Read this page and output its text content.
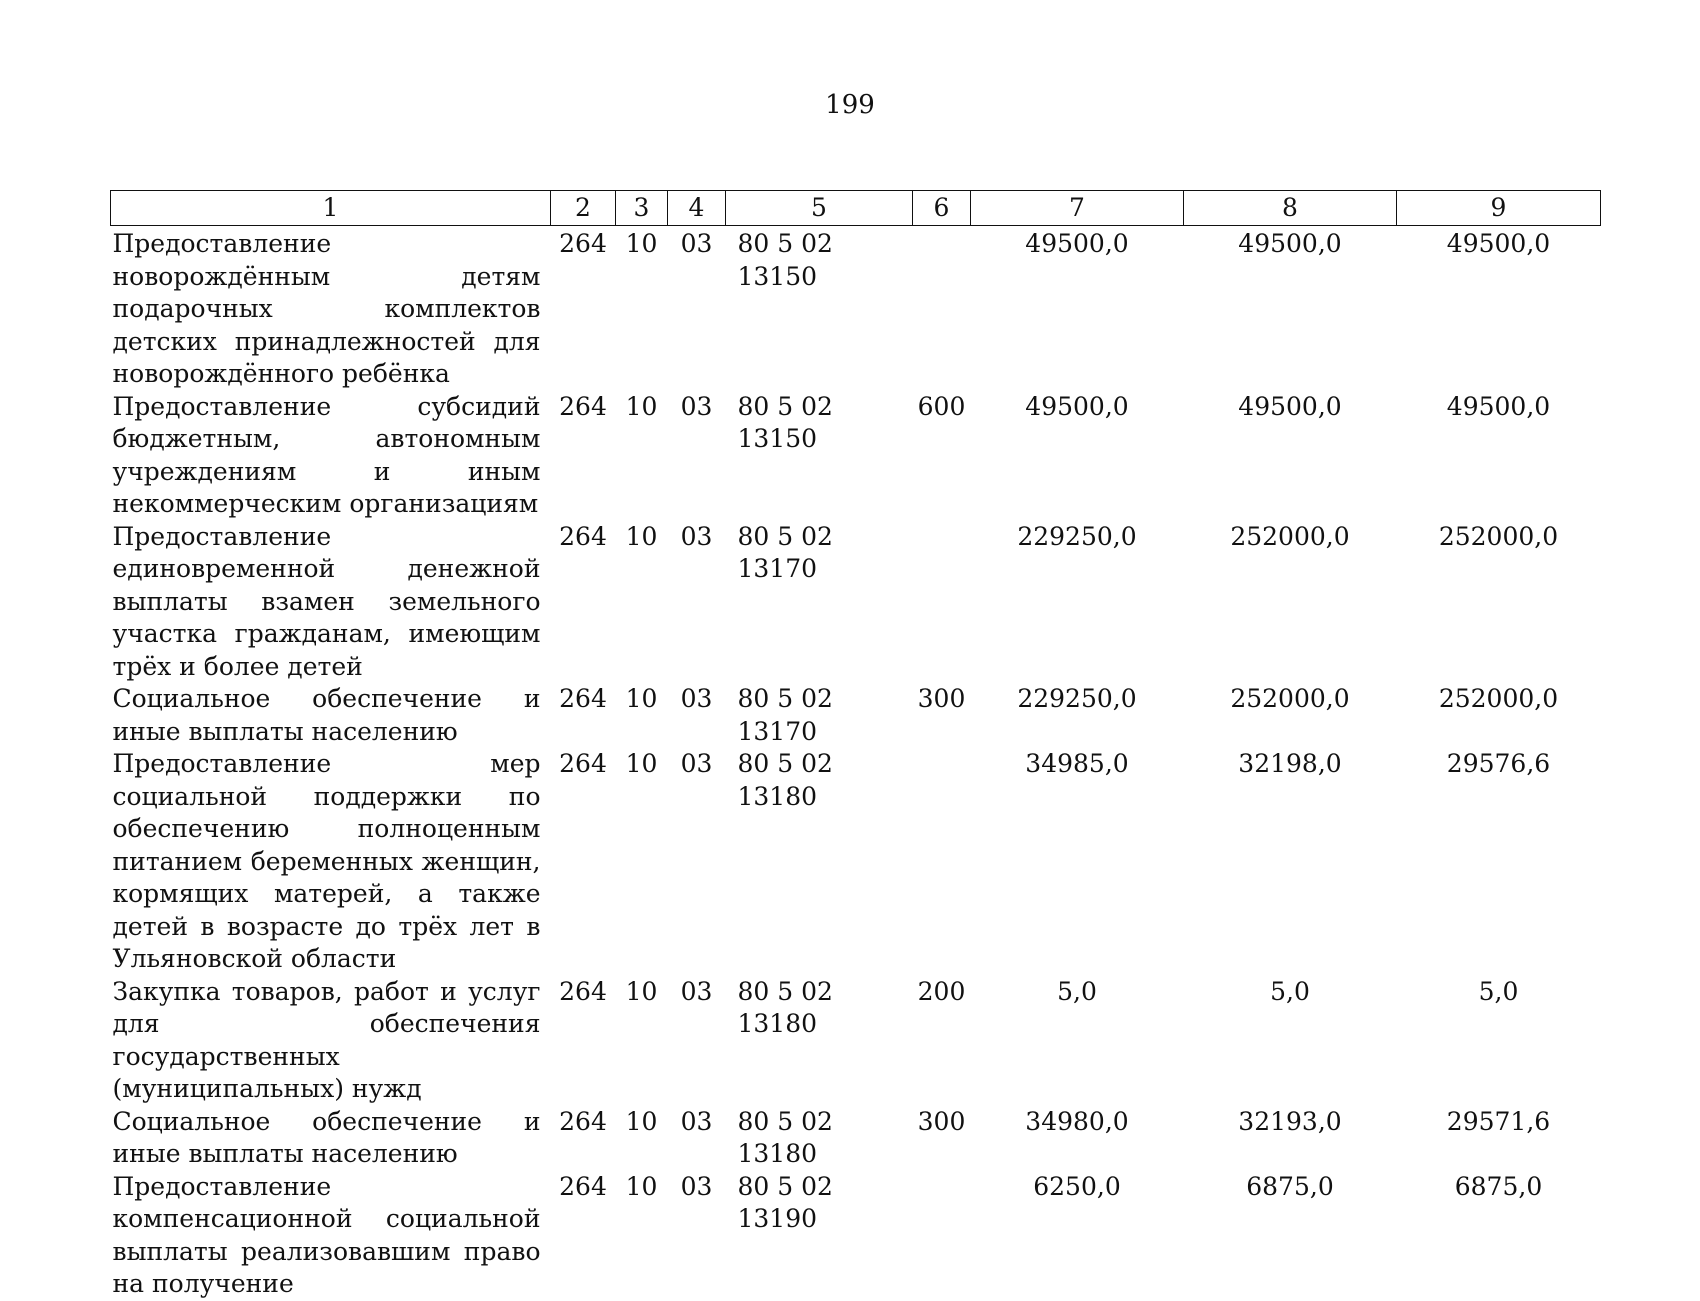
199
1	2	3	4	5	6	7	8	9
Предоставление новорождённым детям подарочных комплектов детских принадлежностей для новорождённого ребёнка	264	10	03	80 5 02 13150		49500,0	49500,0	49500,0
Предоставление субсидий бюджетным, автономным учреждениям и иным некоммерческим организациям	264	10	03	80 5 02 13150	600	49500,0	49500,0	49500,0
Предоставление единовременной денежной выплаты взамен земельного участка гражданам, имеющим трёх и более детей	264	10	03	80 5 02 13170		229250,0	252000,0	252000,0
Социальное обеспечение и иные выплаты населению	264	10	03	80 5 02 13170	300	229250,0	252000,0	252000,0
Предоставление мер социальной поддержки по обеспечению полноценным питанием беременных женщин, кормящих матерей, а также детей в возрасте до трёх лет в Ульяновской области	264	10	03	80 5 02 13180		34985,0	32198,0	29576,6
Закупка товаров, работ и услуг для обеспечения государственных (муниципальных) нужд	264	10	03	80 5 02 13180	200	5,0	5,0	5,0
Социальное обеспечение и иные выплаты населению	264	10	03	80 5 02 13180	300	34980,0	32193,0	29571,6
Предоставление компенсационной социальной выплаты реализовавшим право на получение	264	10	03	80 5 02 13190		6250,0	6875,0	6875,0
